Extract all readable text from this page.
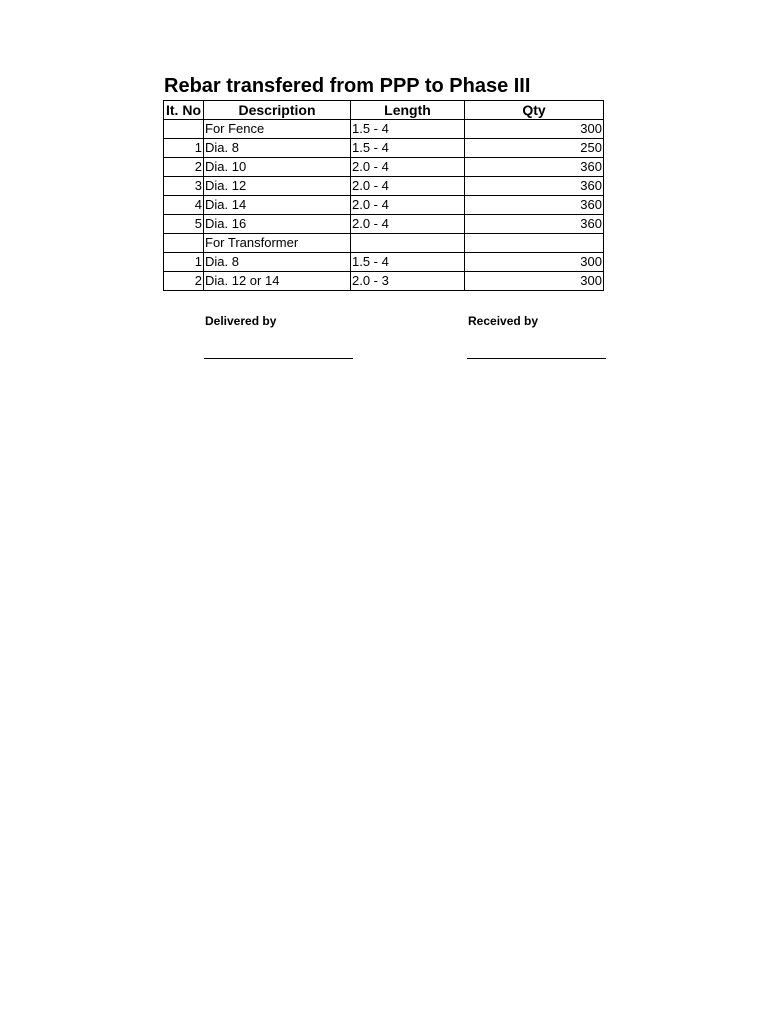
Rebar transfered from PPP to Phase III
It. No	Description	Length	Qty
	For Fence	1.5 - 4	300
1	Dia. 8	1.5 - 4	250
2	Dia. 10	2.0 - 4	360
3	Dia. 12	2.0 - 4	360
4	Dia. 14	2.0 - 4	360
5	Dia. 16	2.0 - 4	360
	For Transformer		
1	Dia. 8	1.5 - 4	300
2	Dia. 12 or 14	2.0 - 3	300
Delivered by	Received by
